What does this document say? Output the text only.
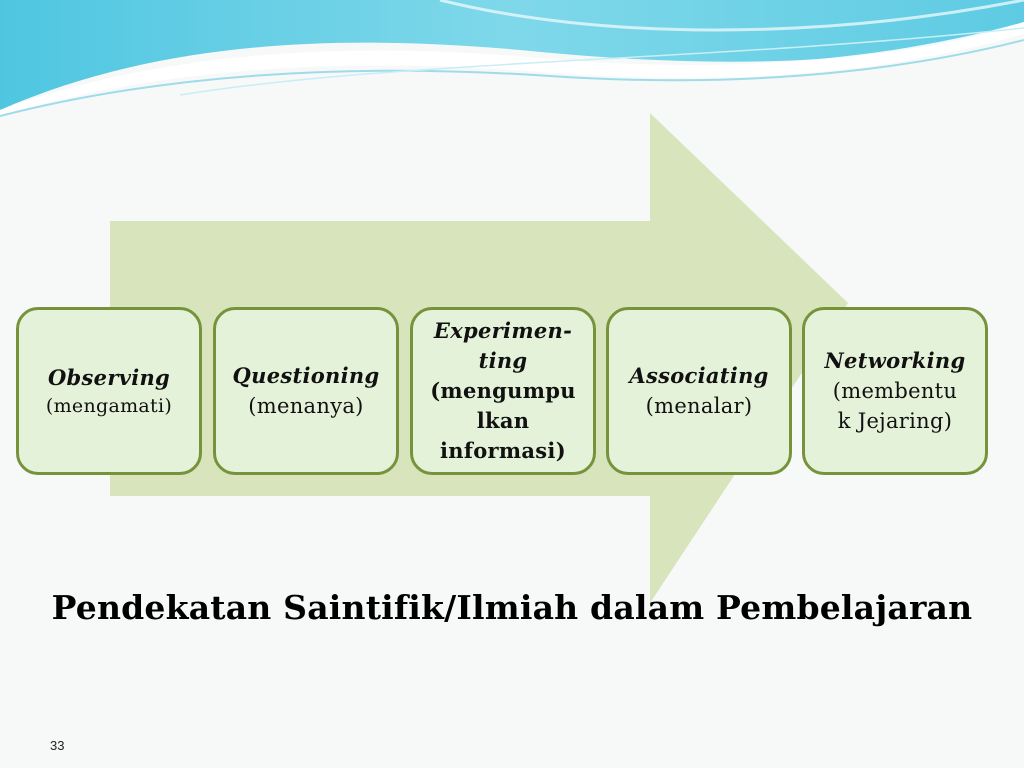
Observing
(mengamati)
Questioning
(menanya)
Experimen-
ting
(mengumpu
lkan
informasi)
Associating
(menalar)
Networking
(membentu
k Jejaring)
Pendekatan Saintifik/Ilmiah dalam Pembelajaran
33
